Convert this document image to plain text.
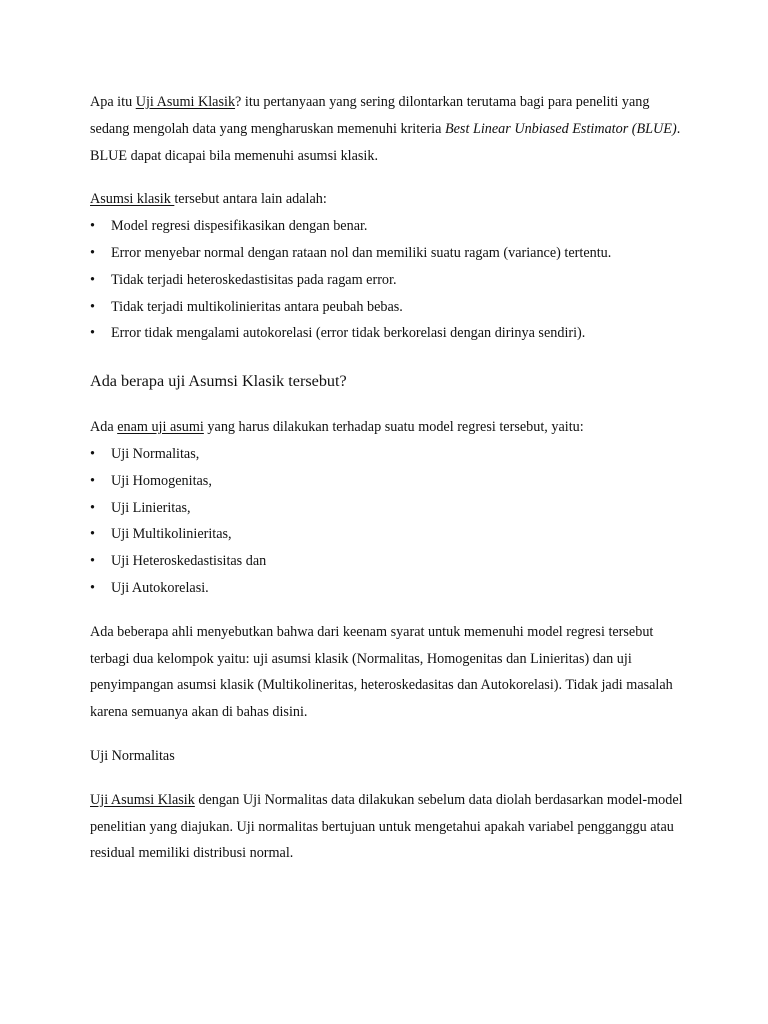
Apa itu Uji Asumi Klasik? itu pertanyaan yang sering dilontarkan terutama bagi para peneliti yang sedang mengolah data yang mengharuskan memenuhi kriteria Best Linear Unbiased Estimator (BLUE). BLUE dapat dicapai bila memenuhi asumsi klasik.

Asumsi klasik tersebut antara lain adalah:

• Model regresi dispesifikasikan dengan benar.
• Error menyebar normal dengan rataan nol dan memiliki suatu ragam (variance) tertentu.
• Tidak terjadi heteroskedastisitas pada ragam error.
• Tidak terjadi multikolinieritas antara peubah bebas.
• Error tidak mengalami autokorelasi (error tidak berkorelasi dengan dirinya sendiri).

Ada berapa uji Asumsi Klasik tersebut?

Ada enam uji asumi yang harus dilakukan terhadap suatu model regresi tersebut, yaitu:

• Uji Normalitas,
• Uji Homogenitas,
• Uji Linieritas,
• Uji Multikolinieritas,
• Uji Heteroskedastisitas dan
• Uji Autokorelasi.

Ada beberapa ahli menyebutkan bahwa dari keenam syarat untuk memenuhi model regresi tersebut terbagi dua kelompok yaitu: uji asumsi klasik (Normalitas, Homogenitas dan Linieritas) dan uji penyimpangan asumsi klasik (Multikolineritas, heteroskedasitas dan Autokorelasi). Tidak jadi masalah karena semuanya akan di bahas disini.

Uji Normalitas

Uji Asumsi Klasik dengan Uji Normalitas data dilakukan sebelum data diolah berdasarkan model-model penelitian yang diajukan. Uji normalitas bertujuan untuk mengetahui apakah variabel pengganggu atau residual memiliki distribusi normal.
